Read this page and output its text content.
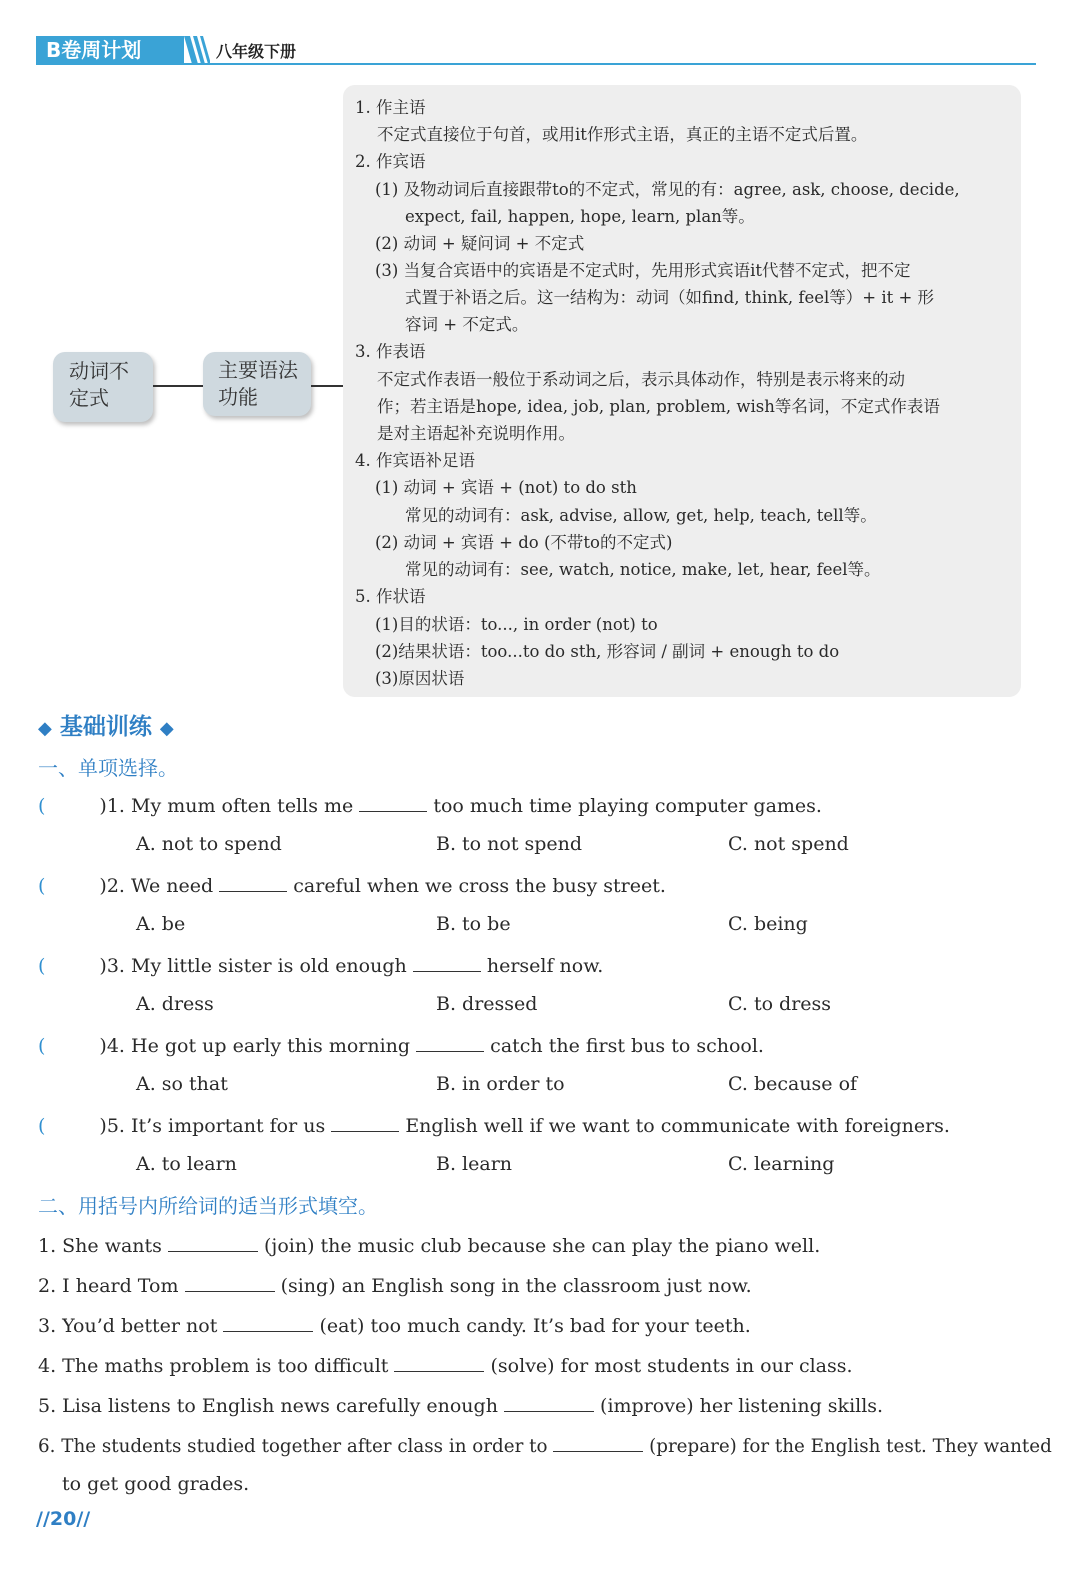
B卷周计划	八年级下册
动词不
定式
主要语法
功能
1. 作主语
不定式直接位于句首，或用it作形式主语，真正的主语不定式后置。
2. 作宾语
(1) 及物动词后直接跟带to的不定式，常见的有：agree, ask, choose, decide,
expect, fail, happen, hope, learn, plan等。
(2) 动词 + 疑问词 + 不定式
(3) 当复合宾语中的宾语是不定式时，先用形式宾语it代替不定式，把不定
式置于补语之后。这一结构为：动词（如find, think, feel等）+ it + 形
容词 + 不定式。
3. 作表语
不定式作表语一般位于系动词之后，表示具体动作，特别是表示将来的动
作；若主语是hope, idea, job, plan, problem, wish等名词，不定式作表语
是对主语起补充说明作用。
4. 作宾语补足语
(1) 动词 + 宾语 + (not) to do sth
常见的动词有：ask, advise, allow, get, help, teach, tell等。
(2) 动词 + 宾语 + do (不带to的不定式)
常见的动词有：see, watch, notice, make, let, hear, feel等。
5. 作状语
(1)目的状语：to..., in order (not) to
(2)结果状语：too...to do sth, 形容词 / 副词 + enough to do
(3)原因状语
◆ 基础训练 ◆
一、单项选择。
(	)1. My mum often tells me	too much time playing computer games.
A. not to spend	B. to not spend	C. not spend
(	)2. We need	careful when we cross the busy street.
A. be	B. to be	C. being
(	)3. My little sister is old enough	herself now.
A. dress	B. dressed	C. to dress
(	)4. He got up early this morning	catch the first bus to school.
A. so that	B. in order to	C. because of
(	)5. It’s important for us	English well if we want to communicate with foreigners.
A. to learn	B. learn	C. learning
二、用括号内所给词的适当形式填空。
1. She wants	(join) the music club because she can play the piano well.
2. I heard Tom	(sing) an English song in the classroom just now.
3. You’d better not	(eat) too much candy. It’s bad for your teeth.
4. The maths problem is too difficult	(solve) for most students in our class.
5. Lisa listens to English news carefully enough	(improve) her listening skills.
6. The students studied together after class in order to	(prepare) for the English test. They wanted
to get good grades.
//20//
